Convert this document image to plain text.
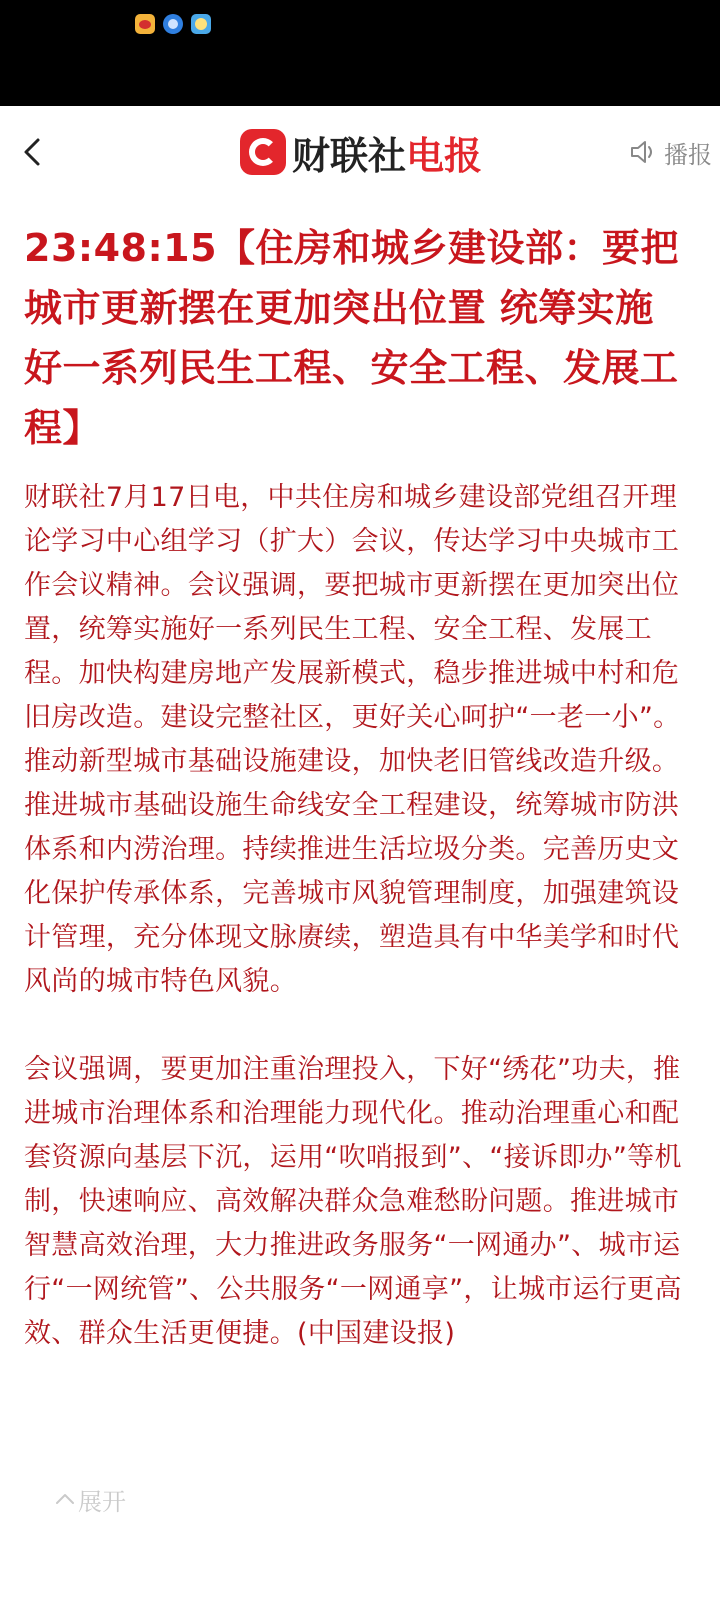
财联社 电报	播报
23:48:15【住房和城乡建设部：要把城市更新摆在更加突出位置 统筹实施好一系列民生工程、安全工程、发展工程】

财联社7月17日电，中共住房和城乡建设部党组召开理论学习中心组学习（扩大）会议，传达学习中央城市工作会议精神。会议强调，要把城市更新摆在更加突出位置，统筹实施好一系列民生工程、安全工程、发展工程。加快构建房地产发展新模式，稳步推进城中村和危旧房改造。建设完整社区，更好关心呵护“一老一小”。推动新型城市基础设施建设，加快老旧管线改造升级。推进城市基础设施生命线安全工程建设，统筹城市防洪体系和内涝治理。持续推进生活垃圾分类。完善历史文化保护传承体系，完善城市风貌管理制度，加强建筑设计管理，充分体现文脉赓续，塑造具有中华美学和时代风尚的城市特色风貌。

会议强调，要更加注重治理投入，下好“绣花”功夫，推进城市治理体系和治理能力现代化。推动治理重心和配套资源向基层下沉，运用“吹哨报到”、“接诉即办”等机制，快速响应、高效解决群众急难愁盼问题。推进城市智慧高效治理，大力推进政务服务“一网通办”、城市运行“一网统管”、公共服务“一网通享”，让城市运行更高效、群众生活更便捷。(中国建设报)

展开
